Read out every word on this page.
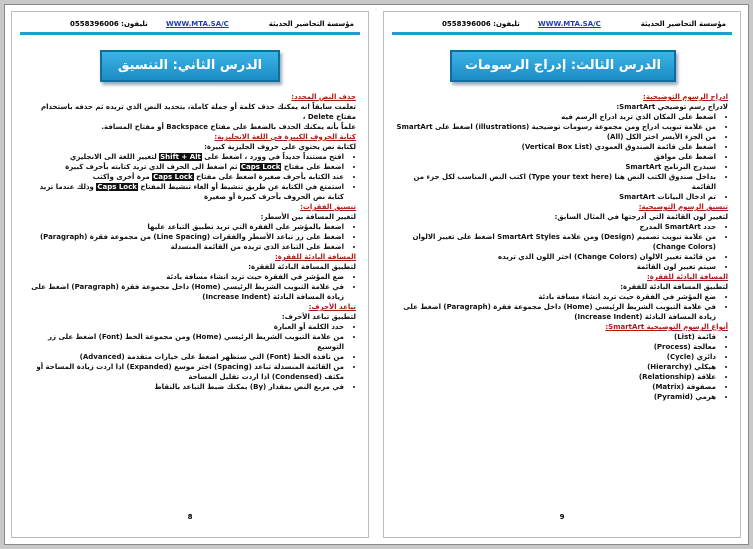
تليفون: 0558396006	WWW.MTA.SA/C	مؤسسة التحاضير الحديثة
الدرس الثاني: التنسيق المتقدم	حذف النص المحدد:

تعلمت سابقاً انه يمكنك حذف كلمة أو جملة كاملة، بتحديد النص الذي تريده ثم حذفه باستخدام مفتاح Delete ،

علماً بأنه يمكنك الحذف بالضغط على مفتاح Backspace أو مفتاح المسافة.

كتابة الحروف الكبيرة في اللغة الانجليزية:

لكتابة نص يحتوي على حروف الجليزية كبيرة:

• افتح مستنداً جديداً في وورد ، اضغط على Shift + Alt لتغيير اللغة الى الانجليزي
• اضغط على مفتاح Caps Lock ثم اضغط الى الحرف الذي تريد كتابته بأحرف كبيرة
• عند الكتابه بأحرف صغيرة اضغط على مفتاح Caps Lock مرة أخرى واكتب
• استمتع في الكتابة عن طريق تنشيط أو الغاء تنشيط المفتاح Caps Lock وذلك عندما تريد كتابة نص الحروف بأحرف كبيرة أو صغيرة

تنسيق الفقرات:

لتغيير المسافة بين الأسطر:

• اضغط بالمؤشر على الفقرة التي تريد تطبيق التباعد عليها
• اضغط على زر تباعد الأسطر والفقرات (Line Spacing) من مجموعة فقرة (Paragraph)
• اضغط على التباعد الذي تريده من القائمة المنسدلة

المسافة البادئة للفقرة:

لتطبيق المسافة البادئة للفقرة:

• ضع المؤشر في الفقرة حيث تريد انشاء مسافة بادئة
• في علامة التبويب الشريط الرئيسي (Home) داخل مجموعة فقرة (Paragraph) اضغط على زيادة المسافة البادئة (Increase Indent)

تباعد الأحرف:

لتطبيق تباعد الأحرف:

• حدد الكلمة أو العبارة
• من علامة التبويب الشريط الرئيسي (Home) ومن مجموعة الخط (Font) اضغط على زر التوسيع
• من نافذة الخط (Font) التي ستظهر اضغط على خيارات متقدمة (Advanced)
• من القائمة المنسدلة تباعد (Spacing) اختر موسع (Expanded) اذا اردت زيادة المساحة أو مكثف (Condensed) اذا اردت تقليل المساحة
• في مربع النص بمقدار (By) بمكنك ضبط التباعد بالنقاط
8
تليفون: 0558396006	WWW.MTA.SA/C	مؤسسة التحاضير الحديثة
الدرس الثالث: إدراج الرسومات التوضيحية	ادراج الرسوم التوضيحية:

لادراج رسم توضيحي SmartArt:

• اضغط على المكان الذي تريد ادراج الرسم فيه
• من علامة تبويب ادراج ومن مجموعة رسومات توضيحية (illustrations) اضغط على SmartArt
• من الجزء الأيسر اختر الكل (All)
• اضغط على قائمة الصندوق العمودي (Vertical Box List)
• اضغط على موافق
• سيدرج البرنامج SmartArt
• بداخل صندوق الكتب النص هنا (Type your text here) اكتب النص المناسب لكل جزء من القائمة
• تم ادخال البيانات SmartArt

تنسيق الرسوم التوضيحية:

لتغيير لون القائمة التي أدرجتها في المثال السابق:

• حدد SmartArt المدرج
• من علامة تبويب تصميم (Design) ومن علامة SmartArt Styles اضغط على تغيير الالوان (Change Colors)
• من قائمة تغيير الالوان (Change Colors) اختر اللون الذي تريده
• سيتم تغيير لون القائمة

المسافة البادئة للفقرة:

لتطبيق المسافة البادئة للفقرة:

• ضع المؤشر في الفقرة حيث تريد انشاء مسافة بادئة
• في علامة التبويب الشريط الرئيسي (Home) داخل مجموعة فقرة (Paragraph) اضغط على زيادة المسافة البادئة (Increase Indent)

أنواع الرسوم التوضيحية SmartArt:

• قائمة (List)
• معالجة (Process)
• دائري (Cycle)
• هيكلي (Hierarchy)
• علاقة (Relationship)
• مصفوفة (Matrix)
• هرمي (Pyramid)
9
